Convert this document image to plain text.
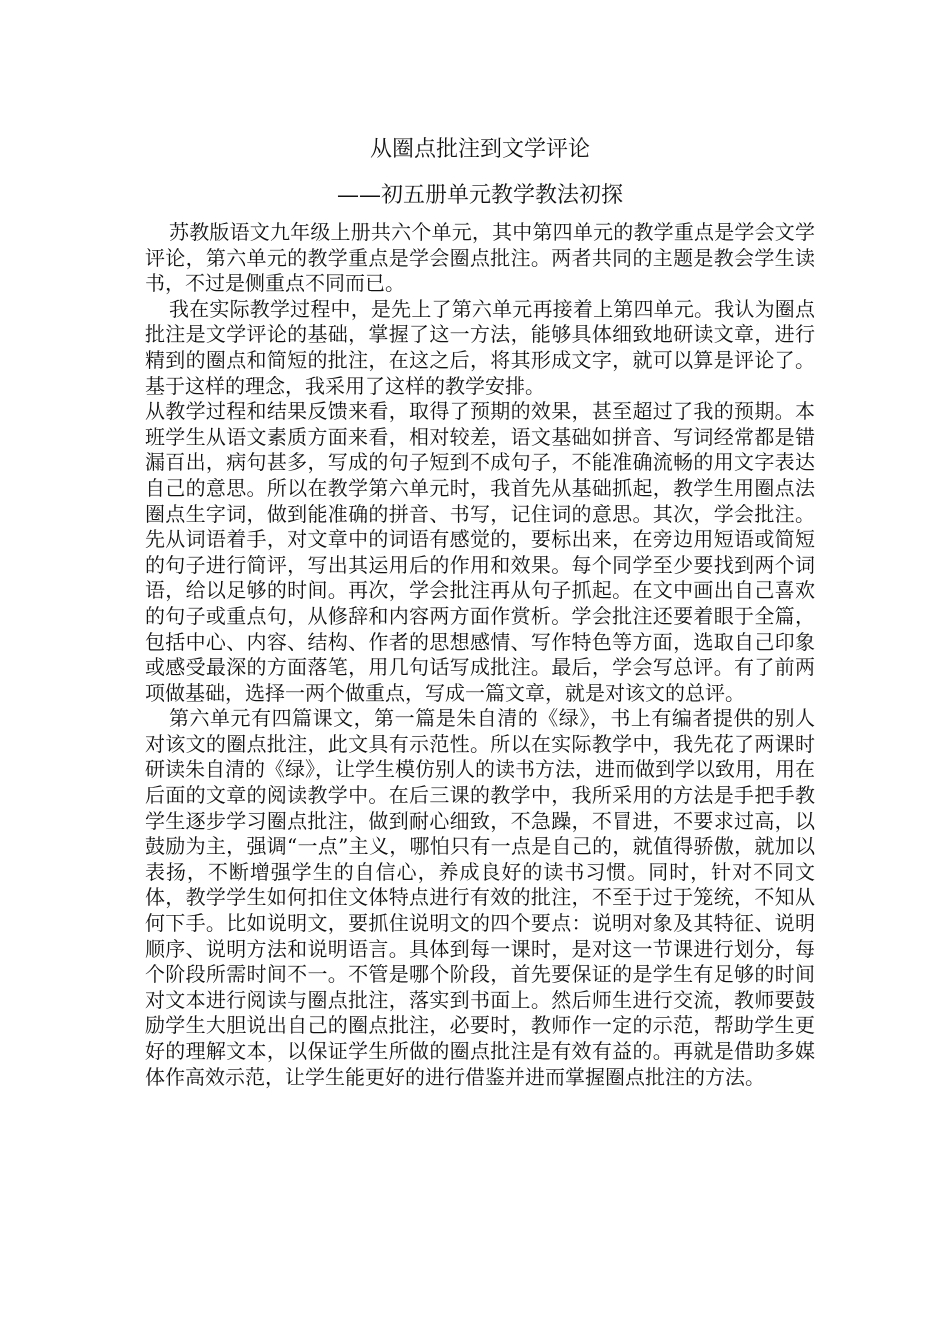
从圈点批注到文学评论
——初五册单元教学教法初探

苏教版语文九年级上册共六个单元，其中第四单元的教学重点是学会文学评论，第六单元的教学重点是学会圈点批注。两者共同的主题是教会学生读书，不过是侧重点不同而已。

我在实际教学过程中，是先上了第六单元再接着上第四单元。我认为圈点批注是文学评论的基础，掌握了这一方法，能够具体细致地研读文章，进行精到的圈点和简短的批注，在这之后，将其形成文字，就可以算是评论了。基于这样的理念，我采用了这样的教学安排。

从教学过程和结果反馈来看，取得了预期的效果，甚至超过了我的预期。本班学生从语文素质方面来看，相对较差，语文基础如拼音、写词经常都是错漏百出，病句甚多，写成的句子短到不成句子，不能准确流畅的用文字表达自己的意思。所以在教学第六单元时，我首先从基础抓起，教学生用圈点法圈点生字词，做到能准确的拼音、书写，记住词的意思。其次，学会批注。先从词语着手，对文章中的词语有感觉的，要标出来，在旁边用短语或简短的句子进行简评，写出其运用后的作用和效果。每个同学至少要找到两个词语，给以足够的时间。再次，学会批注再从句子抓起。在文中画出自己喜欢的句子或重点句，从修辞和内容两方面作赏析。学会批注还要着眼于全篇，包括中心、内容、结构、作者的思想感情、写作特色等方面，选取自己印象或感受最深的方面落笔，用几句话写成批注。最后，学会写总评。有了前两项做基础，选择一两个做重点，写成一篇文章，就是对该文的总评。

第六单元有四篇课文，第一篇是朱自清的《绿》，书上有编者提供的别人对该文的圈点批注，此文具有示范性。所以在实际教学中，我先花了两课时研读朱自清的《绿》，让学生模仿别人的读书方法，进而做到学以致用，用在后面的文章的阅读教学中。在后三课的教学中，我所采用的方法是手把手教学生逐步学习圈点批注，做到耐心细致，不急躁，不冒进，不要求过高，以鼓励为主，强调“一点”主义，哪怕只有一点是自己的，就值得骄傲，就加以表扬，不断增强学生的自信心，养成良好的读书习惯。同时，针对不同文体，教学学生如何扣住文体特点进行有效的批注，不至于过于笼统，不知从何下手。比如说明文，要抓住说明文的四个要点：说明对象及其特征、说明顺序、说明方法和说明语言。具体到每一课时，是对这一节课进行划分，每个阶段所需时间不一。不管是哪个阶段，首先要保证的是学生有足够的时间对文本进行阅读与圈点批注，落实到书面上。然后师生进行交流，教师要鼓励学生大胆说出自己的圈点批注，必要时，教师作一定的示范，帮助学生更好的理解文本，以保证学生所做的圈点批注是有效有益的。再就是借助多媒体作高效示范，让学生能更好的进行借鉴并进而掌握圈点批注的方法。
